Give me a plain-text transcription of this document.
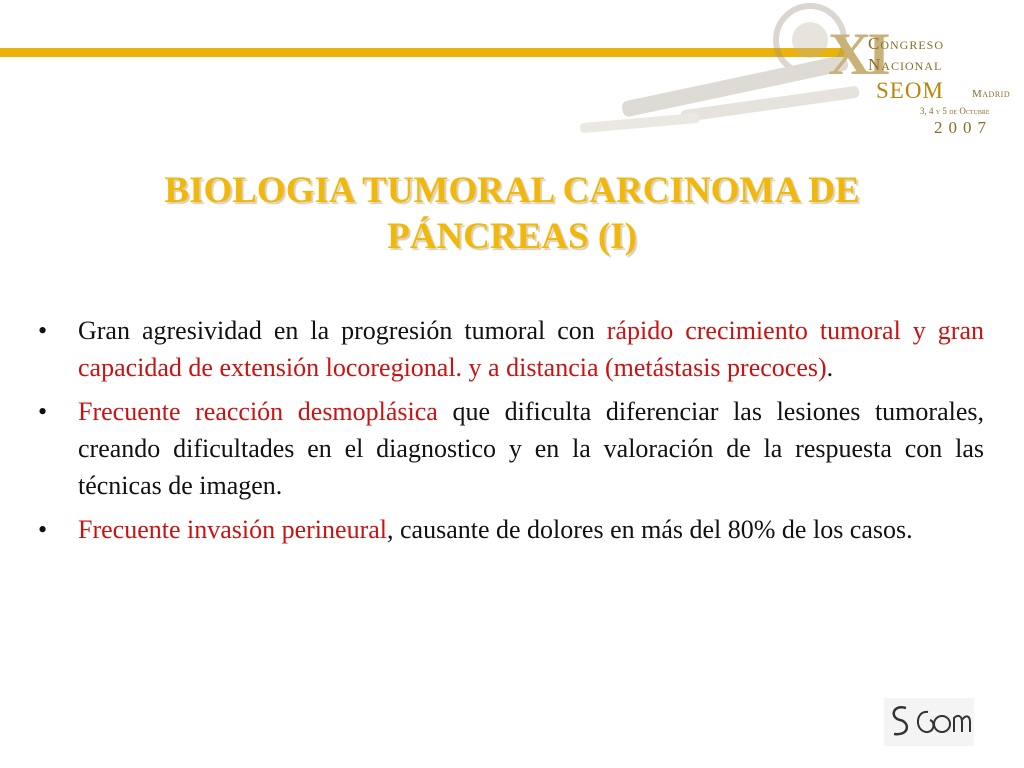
XI
Congreso
Nacional
SEOM	Madrid
3, 4 y 5 de Octubre
2007
BIOLOGIA TUMORAL CARCINOMA DE
PÁNCREAS (I)
• Gran agresividad en la progresión tumoral con rápido crecimiento tumoral y gran capacidad de extensión locoregional. y a distancia (metástasis precoces).
• Frecuente reacción desmoplásica que dificulta diferenciar las lesiones tumorales, creando dificultades en el diagnostico y en la valoración de la respuesta con las técnicas de imagen.
• Frecuente invasión perineural, causante de dolores en más del 80% de los casos.
